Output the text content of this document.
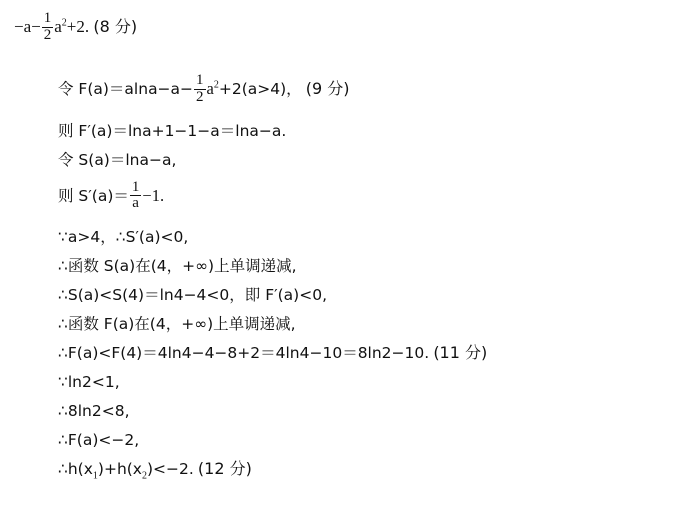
$-a- \frac{1}{2} a^2+2$. (8 分)
令 $F(a)=alna-a- \frac{1}{2} a^2+2(a>4)$， (9 分)
则 F′(a)＝lna+1−1−a＝lna−a.
令 S(a)＝lna−a,
则 $S'(a)= \frac{1}{a} -1$.
∵a>4，∴S′(a)<0,
∴函数 S(a)在(4，+∞)上单调递减,
∴S(a)<S(4)＝ln4−4<0，即 F′(a)<0,
∴函数 F(a)在(4，+∞)上单调递减,
∴F(a)<F(4)＝4ln4−4−8+2＝4ln4−10＝8ln2−10. (11 分)
∵ln2<1,
∴8ln2<8,
∴F(a)<−2,
$\therefore h(x_1)+h(x_2)<-2$. (12 分)
